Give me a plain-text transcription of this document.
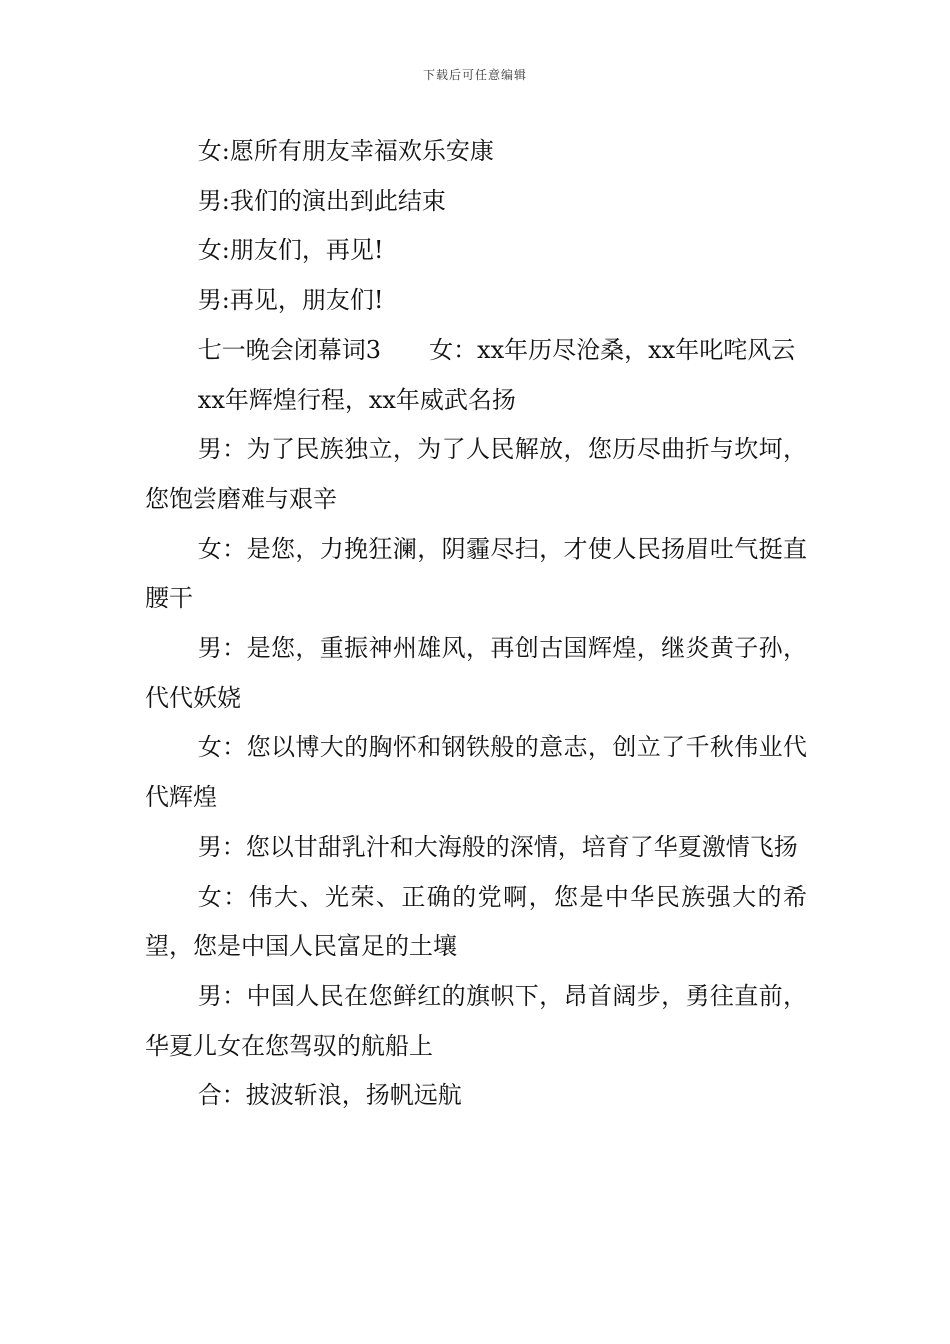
下载后可任意编辑

女:愿所有朋友幸福欢乐安康

男:我们的演出到此结束

女:朋友们，再见!

男:再见，朋友们!

七一晚会闭幕词3　　女：xx年历尽沧桑，xx年叱咤风云

xx年辉煌行程，xx年威武名扬

男：为了民族独立，为了人民解放，您历尽曲折与坎坷，您饱尝磨难与艰辛

女：是您，力挽狂澜，阴霾尽扫，才使人民扬眉吐气挺直腰干

男：是您，重振神州雄风，再创古国辉煌，继炎黄子孙，代代妖娆

女：您以博大的胸怀和钢铁般的意志，创立了千秋伟业代代辉煌

男：您以甘甜乳汁和大海般的深情，培育了华夏激情飞扬

女：伟大、光荣、正确的党啊，您是中华民族强大的希望，您是中国人民富足的土壤

男：中国人民在您鲜红的旗帜下，昂首阔步，勇往直前，华夏儿女在您驾驭的航船上

合：披波斩浪，扬帆远航
